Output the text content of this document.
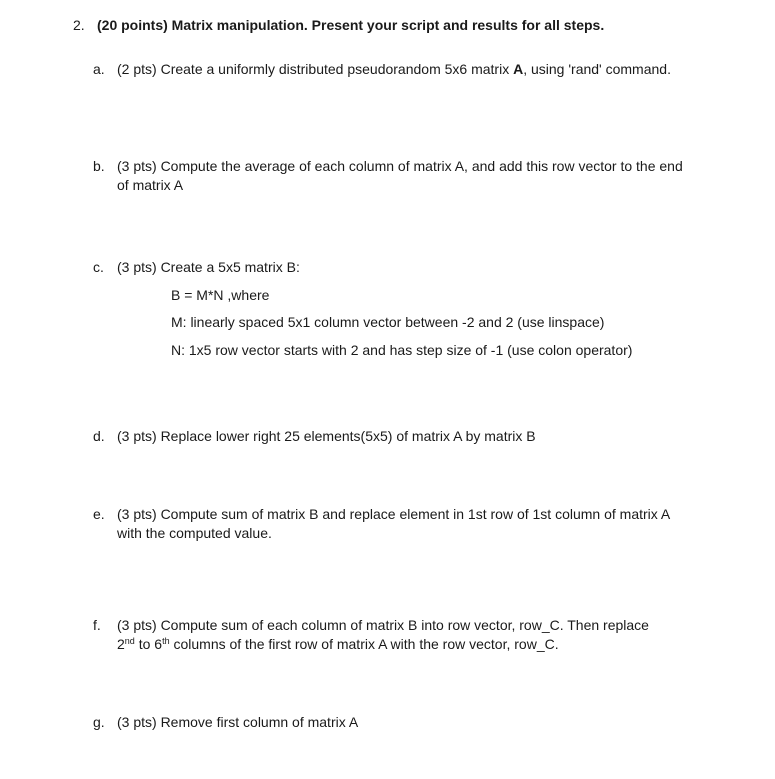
2. (20 points) Matrix manipulation. Present your script and results for all steps.
a. (2 pts) Create a uniformly distributed pseudorandom 5x6 matrix A, using 'rand' command.
b. (3 pts) Compute the average of each column of matrix A, and add this row vector to the end of matrix A
c. (3 pts) Create a 5x5 matrix B:
B = M*N ,where
M: linearly spaced 5x1 column vector between -2 and 2 (use linspace)
N: 1x5 row vector starts with 2 and has step size of -1 (use colon operator)
d. (3 pts) Replace lower right 25 elements(5x5) of matrix A by matrix B
e. (3 pts) Compute sum of matrix B and replace element in 1st row of 1st column of matrix A with the computed value.
f. (3 pts) Compute sum of each column of matrix B into row vector, row_C. Then replace
2nd to 6th columns of the first row of matrix A with the row vector, row_C.
g. (3 pts) Remove first column of matrix A
